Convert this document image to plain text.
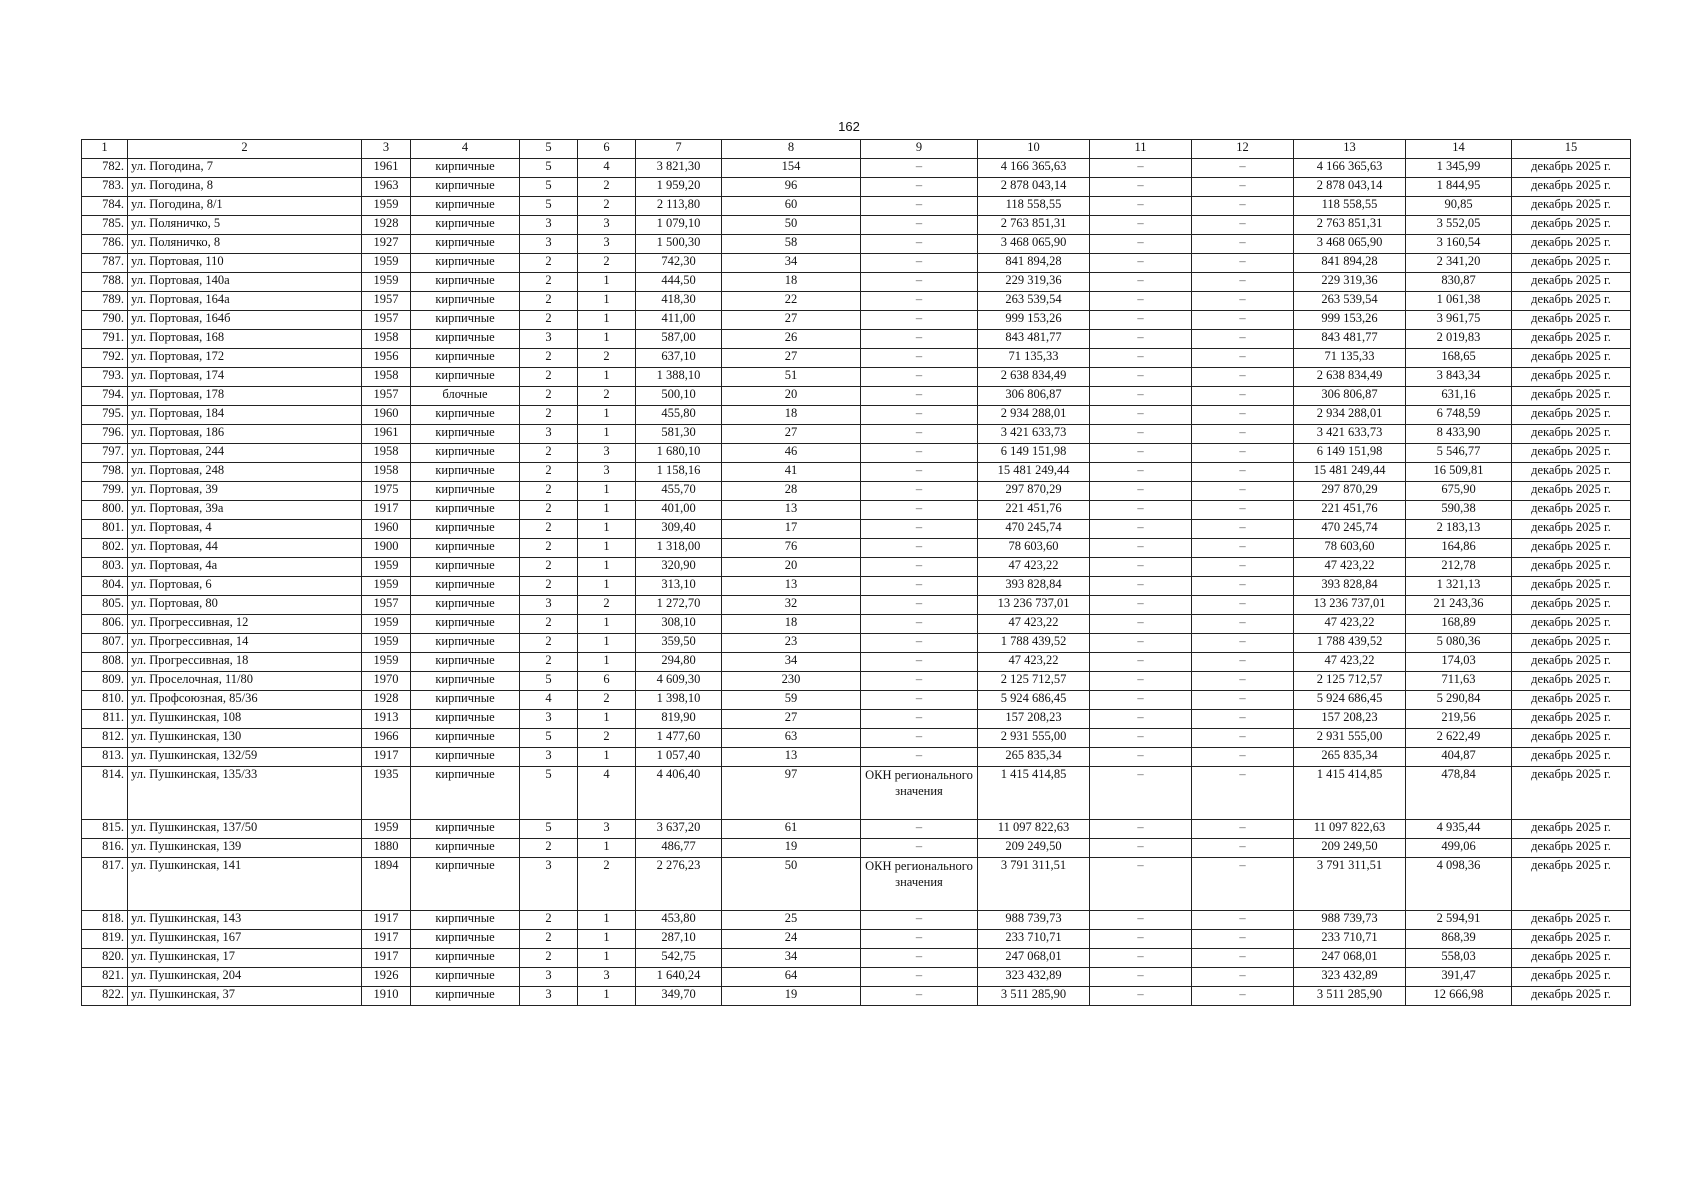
162
1	2	3	4	5	6	7	8	9	10	11	12	13	14	15
782.	ул. Погодина, 7	1961	кирпичные	5	4	3 821,30	154	–	4 166 365,63	–	–	4 166 365,63	1 345,99	декабрь 2025 г.
783.	ул. Погодина, 8	1963	кирпичные	5	2	1 959,20	96	–	2 878 043,14	–	–	2 878 043,14	1 844,95	декабрь 2025 г.
784.	ул. Погодина, 8/1	1959	кирпичные	5	2	2 113,80	60	–	118 558,55	–	–	118 558,55	90,85	декабрь 2025 г.
785.	ул. Поляничко, 5	1928	кирпичные	3	3	1 079,10	50	–	2 763 851,31	–	–	2 763 851,31	3 552,05	декабрь 2025 г.
786.	ул. Поляничко, 8	1927	кирпичные	3	3	1 500,30	58	–	3 468 065,90	–	–	3 468 065,90	3 160,54	декабрь 2025 г.
787.	ул. Портовая, 110	1959	кирпичные	2	2	742,30	34	–	841 894,28	–	–	841 894,28	2 341,20	декабрь 2025 г.
788.	ул. Портовая, 140а	1959	кирпичные	2	1	444,50	18	–	229 319,36	–	–	229 319,36	830,87	декабрь 2025 г.
789.	ул. Портовая, 164а	1957	кирпичные	2	1	418,30	22	–	263 539,54	–	–	263 539,54	1 061,38	декабрь 2025 г.
790.	ул. Портовая, 164б	1957	кирпичные	2	1	411,00	27	–	999 153,26	–	–	999 153,26	3 961,75	декабрь 2025 г.
791.	ул. Портовая, 168	1958	кирпичные	3	1	587,00	26	–	843 481,77	–	–	843 481,77	2 019,83	декабрь 2025 г.
792.	ул. Портовая, 172	1956	кирпичные	2	2	637,10	27	–	71 135,33	–	–	71 135,33	168,65	декабрь 2025 г.
793.	ул. Портовая, 174	1958	кирпичные	2	1	1 388,10	51	–	2 638 834,49	–	–	2 638 834,49	3 843,34	декабрь 2025 г.
794.	ул. Портовая, 178	1957	блочные	2	2	500,10	20	–	306 806,87	–	–	306 806,87	631,16	декабрь 2025 г.
795.	ул. Портовая, 184	1960	кирпичные	2	1	455,80	18	–	2 934 288,01	–	–	2 934 288,01	6 748,59	декабрь 2025 г.
796.	ул. Портовая, 186	1961	кирпичные	3	1	581,30	27	–	3 421 633,73	–	–	3 421 633,73	8 433,90	декабрь 2025 г.
797.	ул. Портовая, 244	1958	кирпичные	2	3	1 680,10	46	–	6 149 151,98	–	–	6 149 151,98	5 546,77	декабрь 2025 г.
798.	ул. Портовая, 248	1958	кирпичные	2	3	1 158,16	41	–	15 481 249,44	–	–	15 481 249,44	16 509,81	декабрь 2025 г.
799.	ул. Портовая, 39	1975	кирпичные	2	1	455,70	28	–	297 870,29	–	–	297 870,29	675,90	декабрь 2025 г.
800.	ул. Портовая, 39а	1917	кирпичные	2	1	401,00	13	–	221 451,76	–	–	221 451,76	590,38	декабрь 2025 г.
801.	ул. Портовая, 4	1960	кирпичные	2	1	309,40	17	–	470 245,74	–	–	470 245,74	2 183,13	декабрь 2025 г.
802.	ул. Портовая, 44	1900	кирпичные	2	1	1 318,00	76	–	78 603,60	–	–	78 603,60	164,86	декабрь 2025 г.
803.	ул. Портовая, 4а	1959	кирпичные	2	1	320,90	20	–	47 423,22	–	–	47 423,22	212,78	декабрь 2025 г.
804.	ул. Портовая, 6	1959	кирпичные	2	1	313,10	13	–	393 828,84	–	–	393 828,84	1 321,13	декабрь 2025 г.
805.	ул. Портовая, 80	1957	кирпичные	3	2	1 272,70	32	–	13 236 737,01	–	–	13 236 737,01	21 243,36	декабрь 2025 г.
806.	ул. Прогрессивная, 12	1959	кирпичные	2	1	308,10	18	–	47 423,22	–	–	47 423,22	168,89	декабрь 2025 г.
807.	ул. Прогрессивная, 14	1959	кирпичные	2	1	359,50	23	–	1 788 439,52	–	–	1 788 439,52	5 080,36	декабрь 2025 г.
808.	ул. Прогрессивная, 18	1959	кирпичные	2	1	294,80	34	–	47 423,22	–	–	47 423,22	174,03	декабрь 2025 г.
809.	ул. Проселочная, 11/80	1970	кирпичные	5	6	4 609,30	230	–	2 125 712,57	–	–	2 125 712,57	711,63	декабрь 2025 г.
810.	ул. Профсоюзная, 85/36	1928	кирпичные	4	2	1 398,10	59	–	5 924 686,45	–	–	5 924 686,45	5 290,84	декабрь 2025 г.
811.	ул. Пушкинская, 108	1913	кирпичные	3	1	819,90	27	–	157 208,23	–	–	157 208,23	219,56	декабрь 2025 г.
812.	ул. Пушкинская, 130	1966	кирпичные	5	2	1 477,60	63	–	2 931 555,00	–	–	2 931 555,00	2 622,49	декабрь 2025 г.
813.	ул. Пушкинская, 132/59	1917	кирпичные	3	1	1 057,40	13	–	265 835,34	–	–	265 835,34	404,87	декабрь 2025 г.
814.	ул. Пушкинская, 135/33	1935	кирпичные	5	4	4 406,40	97	ОКН регионального значения	1 415 414,85	–	–	1 415 414,85	478,84	декабрь 2025 г.
815.	ул. Пушкинская, 137/50	1959	кирпичные	5	3	3 637,20	61	–	11 097 822,63	–	–	11 097 822,63	4 935,44	декабрь 2025 г.
816.	ул. Пушкинская, 139	1880	кирпичные	2	1	486,77	19	–	209 249,50	–	–	209 249,50	499,06	декабрь 2025 г.
817.	ул. Пушкинская, 141	1894	кирпичные	3	2	2 276,23	50	ОКН регионального значения	3 791 311,51	–	–	3 791 311,51	4 098,36	декабрь 2025 г.
818.	ул. Пушкинская, 143	1917	кирпичные	2	1	453,80	25	–	988 739,73	–	–	988 739,73	2 594,91	декабрь 2025 г.
819.	ул. Пушкинская, 167	1917	кирпичные	2	1	287,10	24	–	233 710,71	–	–	233 710,71	868,39	декабрь 2025 г.
820.	ул. Пушкинская, 17	1917	кирпичные	2	1	542,75	34	–	247 068,01	–	–	247 068,01	558,03	декабрь 2025 г.
821.	ул. Пушкинская, 204	1926	кирпичные	3	3	1 640,24	64	–	323 432,89	–	–	323 432,89	391,47	декабрь 2025 г.
822.	ул. Пушкинская, 37	1910	кирпичные	3	1	349,70	19	–	3 511 285,90	–	–	3 511 285,90	12 666,98	декабрь 2025 г.
